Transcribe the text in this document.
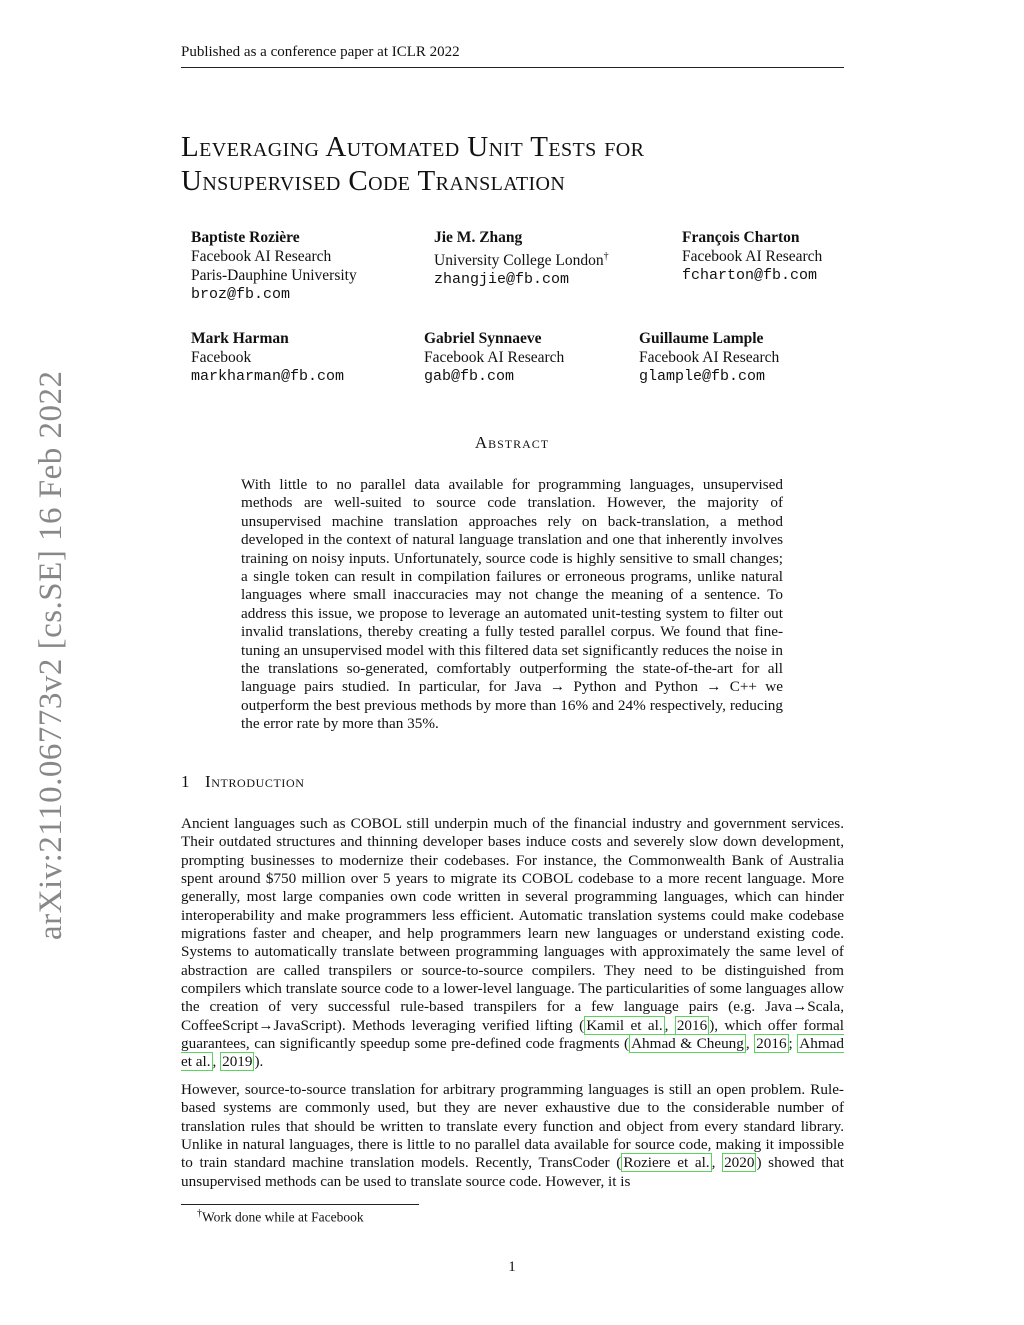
Published as a conference paper at ICLR 2022
Leveraging Automated Unit Tests for
Unsupervised Code Translation
Baptiste Rozière
Facebook AI Research
Paris-Dauphine University
broz@fb.com
Jie M. Zhang
University College London†
zhangjie@fb.com
François Charton
Facebook AI Research
fcharton@fb.com
Mark Harman
Facebook
markharman@fb.com
Gabriel Synnaeve
Facebook AI Research
gab@fb.com
Guillaume Lample
Facebook AI Research
glample@fb.com
arXiv:2110.06773v2 [cs.SE] 16 Feb 2022	Abstract
With little to no parallel data available for programming languages, unsupervised methods are well-suited to source code translation. However, the majority of unsupervised machine translation approaches rely on back-translation, a method developed in the context of natural language translation and one that inherently involves training on noisy inputs. Unfortunately, source code is highly sensitive to small changes; a single token can result in compilation failures or erroneous programs, unlike natural languages where small inaccuracies may not change the meaning of a sentence. To address this issue, we propose to leverage an automated unit-testing system to filter out invalid translations, thereby creating a fully tested parallel corpus. We found that fine-tuning an unsupervised model with this filtered data set significantly reduces the noise in the translations so-generated, comfortably outperforming the state-of-the-art for all language pairs studied. In particular, for Java → Python and Python → C++ we outperform the best previous methods by more than 16% and 24% respectively, reducing the error rate by more than 35%.
1 Introduction
Ancient languages such as COBOL still underpin much of the financial industry and government services. Their outdated structures and thinning developer bases induce costs and severely slow down development, prompting businesses to modernize their codebases. For instance, the Commonwealth Bank of Australia spent around $750 million over 5 years to migrate its COBOL codebase to a more recent language. More generally, most large companies own code written in several programming languages, which can hinder interoperability and make programmers less efficient. Automatic translation systems could make codebase migrations faster and cheaper, and help programmers learn new languages or understand existing code. Systems to automatically translate between programming languages with approximately the same level of abstraction are called transpilers or source-to-source compilers. They need to be distinguished from compilers which translate source code to a lower-level language. The particularities of some languages allow the creation of very successful rule-based transpilers for a few language pairs (e.g. Java→Scala, CoffeeScript→JavaScript). Methods leveraging verified lifting ( Kamil et al. , 2016 ), which offer formal guarantees, can significantly speedup some pre-defined code fragments ( Ahmad & Cheung , 2016 ; Ahmad et al. , 2019 ).
However, source-to-source translation for arbitrary programming languages is still an open problem. Rule-based systems are commonly used, but they are never exhaustive due to the considerable number of translation rules that should be written to translate every function and object from every standard library. Unlike in natural languages, there is little to no parallel data available for source code, making it impossible to train standard machine translation models. Recently, TransCoder ( Roziere et al. , 2020 ) showed that unsupervised methods can be used to translate source code. However, it is
†Work done while at Facebook
1
